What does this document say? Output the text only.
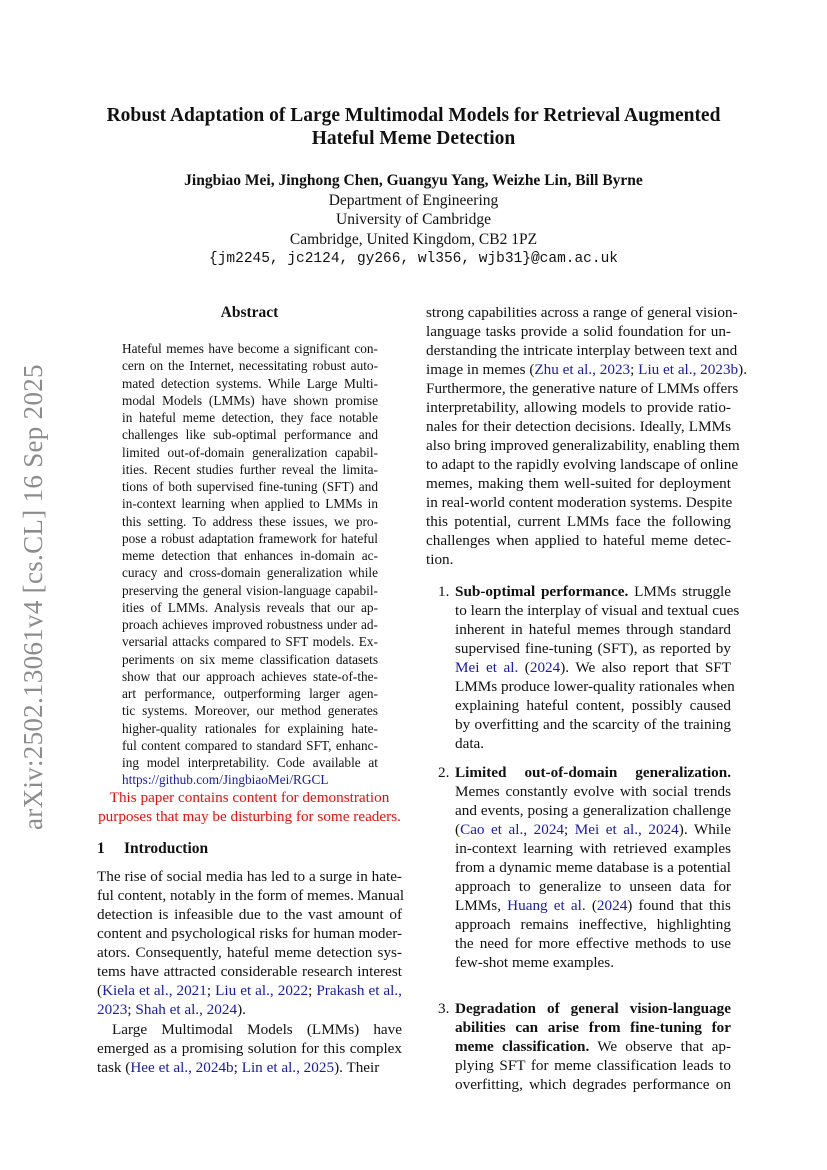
arXiv:2502.13061v4 [cs.CL] 16 Sep 2025
Robust Adaptation of Large Multimodal Models for Retrieval Augmented
Hateful Meme Detection
Jingbiao Mei, Jinghong Chen, Guangyu Yang, Weizhe Lin, Bill Byrne
Department of Engineering
University of Cambridge
Cambridge, United Kingdom, CB2 1PZ
{jm2245, jc2124, gy266, wl356, wjb31}@cam.ac.uk
Abstract
Hateful memes have become a significant con-
cern on the Internet, necessitating robust auto-
mated detection systems. While Large Multi-
modal Models (LMMs) have shown promise
in hateful meme detection, they face notable
challenges like sub-optimal performance and
limited out-of-domain generalization capabil-
ities. Recent studies further reveal the limita-
tions of both supervised fine-tuning (SFT) and
in-context learning when applied to LMMs in
this setting. To address these issues, we pro-
pose a robust adaptation framework for hateful
meme detection that enhances in-domain ac-
curacy and cross-domain generalization while
preserving the general vision-language capabil-
ities of LMMs. Analysis reveals that our ap-
proach achieves improved robustness under ad-
versarial attacks compared to SFT models. Ex-
periments on six meme classification datasets
show that our approach achieves state-of-the-
art performance, outperforming larger agen-
tic systems. Moreover, our method generates
higher-quality rationales for explaining hate-
ful content compared to standard SFT, enhanc-
ing model interpretability. Code available at
https://github.com/JingbiaoMei/RGCL
This paper contains content for demonstration
purposes that may be disturbing for some readers.
1 Introduction
The rise of social media has led to a surge in hate-
ful content, notably in the form of memes. Manual
detection is infeasible due to the vast amount of
content and psychological risks for human moder-
ators. Consequently, hateful meme detection sys-
tems have attracted considerable research interest
(Kiela et al., 2021; Liu et al., 2022; Prakash et al.,
2023; Shah et al., 2024).
Large Multimodal Models (LMMs) have
emerged as a promising solution for this complex
task (Hee et al., 2024b; Lin et al., 2025). Their
strong capabilities across a range of general vision-
language tasks provide a solid foundation for un-
derstanding the intricate interplay between text and
image in memes (Zhu et al., 2023; Liu et al., 2023b).
Furthermore, the generative nature of LMMs offers
interpretability, allowing models to provide ratio-
nales for their detection decisions. Ideally, LMMs
also bring improved generalizability, enabling them
to adapt to the rapidly evolving landscape of online
memes, making them well-suited for deployment
in real-world content moderation systems. Despite
this potential, current LMMs face the following
challenges when applied to hateful meme detec-
tion.
1. Sub-optimal performance. LMMs struggle
to learn the interplay of visual and textual cues
inherent in hateful memes through standard
supervised fine-tuning (SFT), as reported by
Mei et al. (2024). We also report that SFT
LMMs produce lower-quality rationales when
explaining hateful content, possibly caused
by overfitting and the scarcity of the training
data.
2. Limited out-of-domain generalization.
Memes constantly evolve with social trends
and events, posing a generalization challenge
(Cao et al., 2024; Mei et al., 2024). While
in-context learning with retrieved examples
from a dynamic meme database is a potential
approach to generalize to unseen data for
LMMs, Huang et al. (2024) found that this
approach remains ineffective, highlighting
the need for more effective methods to use
few-shot meme examples.
3. Degradation of general vision-language
abilities can arise from fine-tuning for
meme classification. We observe that ap-
plying SFT for meme classification leads to
overfitting, which degrades performance on
